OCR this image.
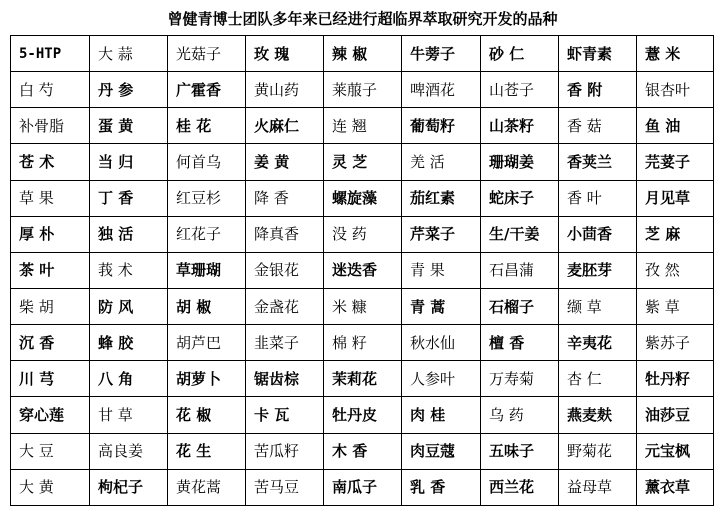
曾健青博士团队多年来已经进行超临界萃取研究开发的品种
5-HTP	大 蒜	光菇子	玫 瑰	辣 椒	牛蒡子	砂 仁	虾青素	薏 米
白 芍	丹 参	广霍香	黄山药	莱菔子	啤酒花	山苍子	香 附	银杏叶
补骨脂	蛋 黄	桂 花	火麻仁	连 翘	葡萄籽	山茶籽	香 菇	鱼 油
苍 术	当 归	何首乌	姜 黄	灵 芝	羌 活	珊瑚姜	香荚兰	芫荽子
草 果	丁 香	红豆杉	降 香	螺旋藻	茄红素	蛇床子	香 叶	月见草
厚 朴	独 活	红花子	降真香	没 药	芹菜子	生/干姜	小茴香	芝 麻
茶 叶	莪 术	草珊瑚	金银花	迷迭香	青 果	石昌蒲	麦胚芽	孜 然
柴 胡	防 风	胡 椒	金盏花	米 糠	青 蒿	石榴子	缬 草	紫 草
沉 香	蜂 胶	胡芦巴	韭菜子	棉 籽	秋水仙	檀 香	辛夷花	紫苏子
川 芎	八 角	胡萝卜	锯齿棕	茉莉花	人参叶	万寿菊	杏 仁	牡丹籽
穿心莲	甘 草	花 椒	卡 瓦	牡丹皮	肉 桂	乌 药	燕麦麸	油莎豆
大 豆	高良姜	花 生	苦瓜籽	木 香	肉豆蔻	五味子	野菊花	元宝枫
大 黄	枸杞子	黄花蒿	苦马豆	南瓜子	乳 香	西兰花	益母草	薰衣草
